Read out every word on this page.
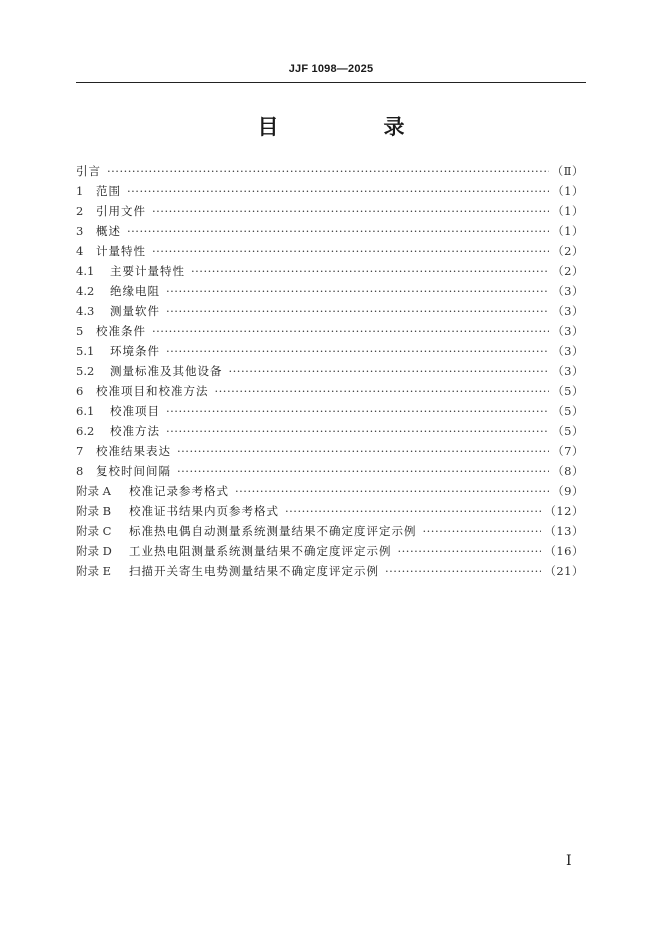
JJF 1098—2025
目　录
引言 ·····	（Ⅱ）
1	范围 ·····	（1）
2	引用文件 ·····	（1）
3	概述 ·····	（1）
4	计量特性 ·····	（2）
4.1	主要计量特性 ·····	（2）
4.2	绝缘电阻 ·····	（3）
4.3	测量软件 ·····	（3）
5	校准条件 ·····	（3）
5.1	环境条件 ·····	（3）
5.2	测量标准及其他设备 ·····	（3）
6	校准项目和校准方法 ·····	（5）
6.1	校准项目 ·····	（5）
6.2	校准方法 ·····	（5）
7	校准结果表达 ·····	（7）
8	复校时间间隔 ·····	（8）
附录 A	校准记录参考格式 ·····	（9）
附录 B	校准证书结果内页参考格式 ·····	（12）
附录 C	标准热电偶自动测量系统测量结果不确定度评定示例 ·····	（13）
附录 D	工业热电阻测量系统测量结果不确定度评定示例 ·····	（16）
附录 E	扫描开关寄生电势测量结果不确定度评定示例 ·····	（21）
Ⅰ
